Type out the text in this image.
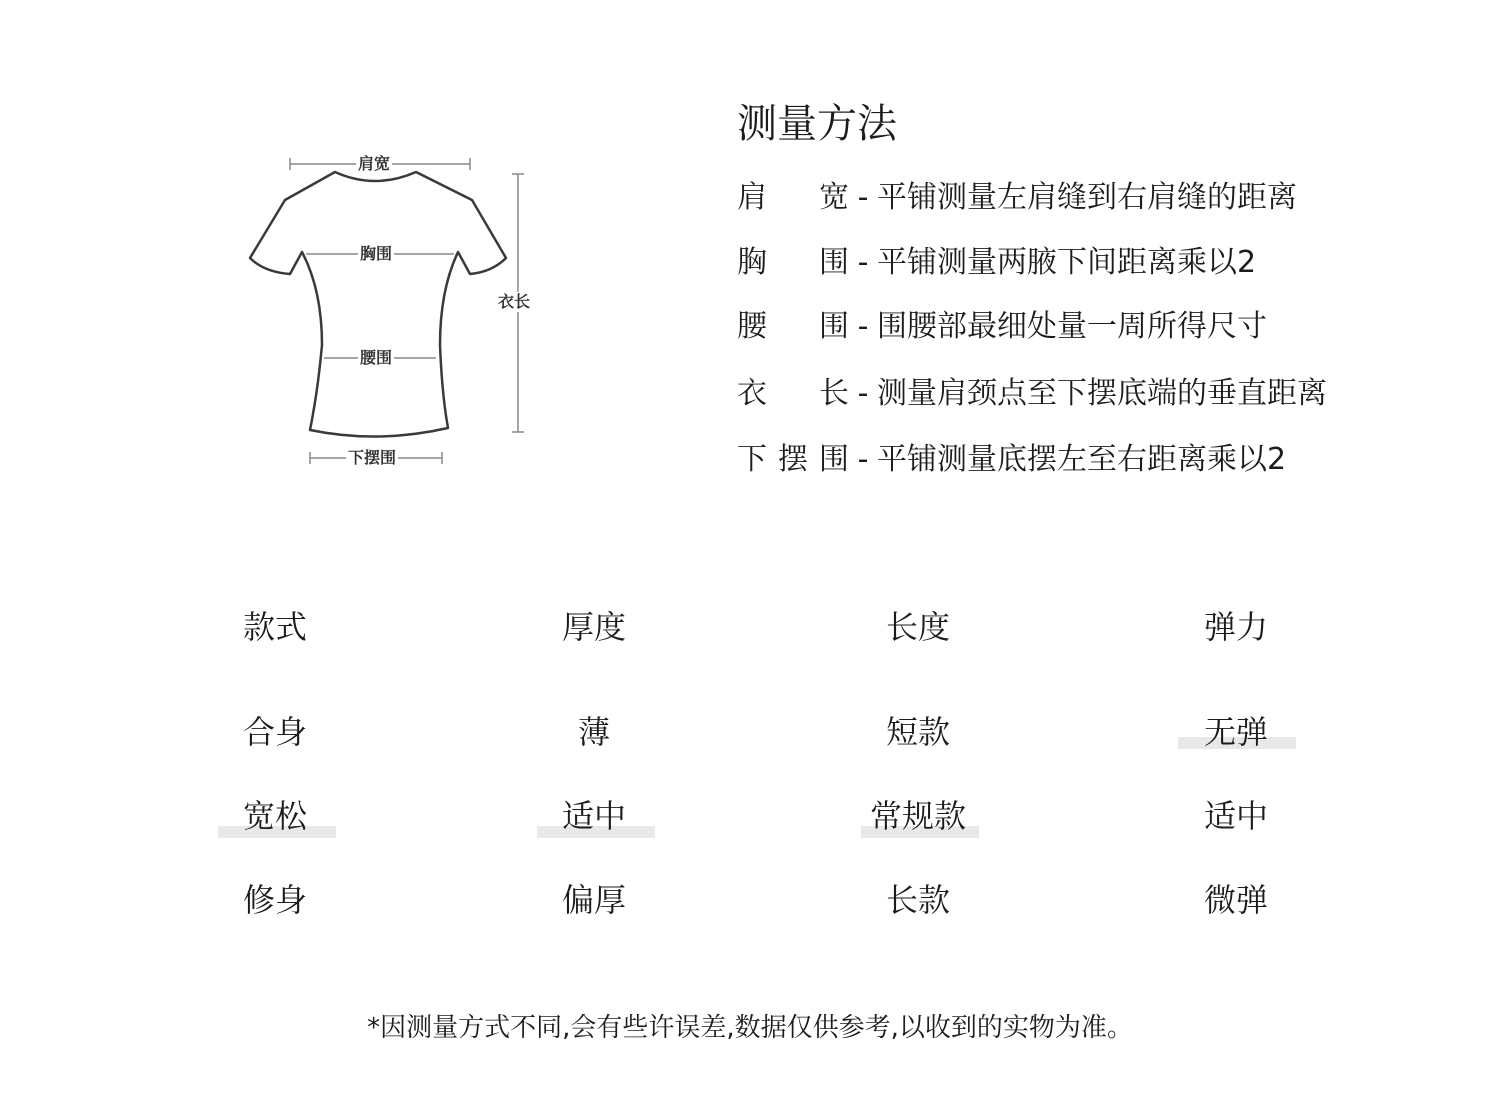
肩宽
胸围
腰围
下摆围
衣长
测量方法
肩宽 - 平铺测量左肩缝到右肩缝的距离
胸围 - 平铺测量两腋下间距离乘以2
腰围 - 围腰部最细处量一周所得尺寸
衣长 - 测量肩颈点至下摆底端的垂直距离
下摆围 - 平铺测量底摆左至右距离乘以2
款式
合身
宽松
修身
厚度
薄
适中
偏厚
长度
短款
常规款
长款
弹力
无弹
适中
微弹
*因测量方式不同,会有些许误差,数据仅供参考,以收到的实物为准。
